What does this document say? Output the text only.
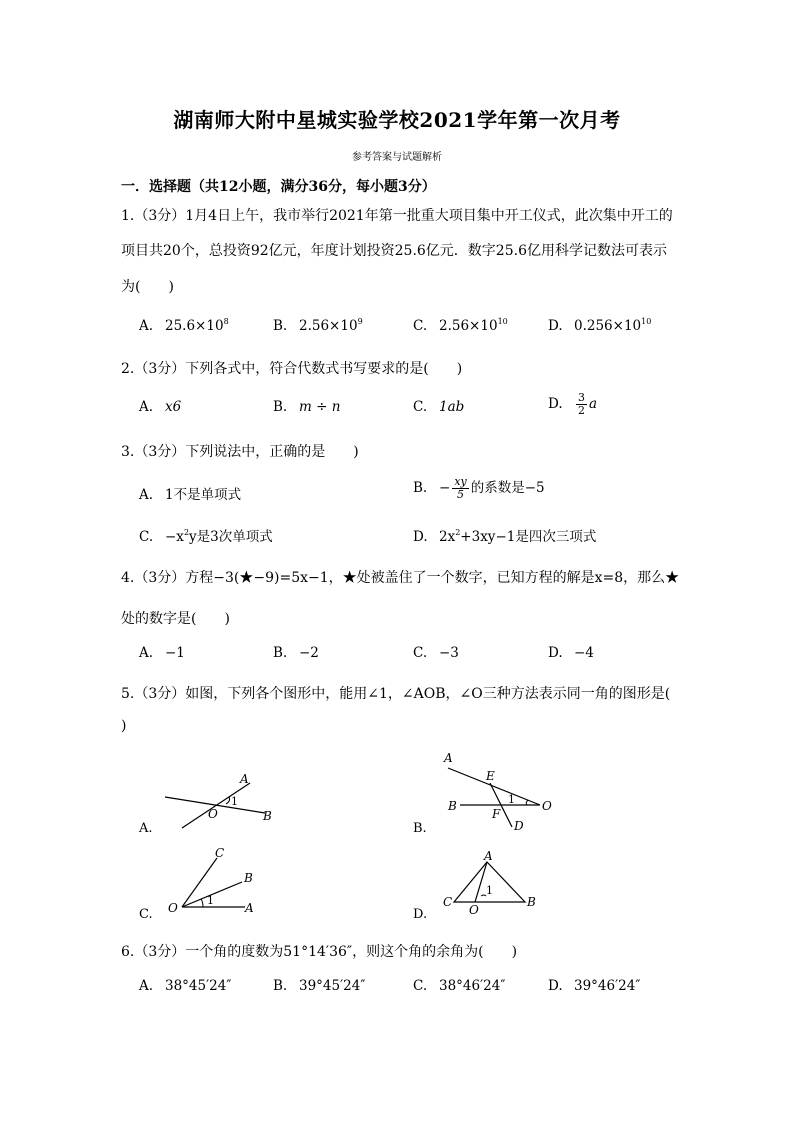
湖南师大附中星城实验学校2021学年第一次月考
参考答案与试题解析
一．选择题（共12小题，满分36分，每小题3分）
1.（3分）1月4日上午，我市举行2021年第一批重大项目集中开工仪式，此次集中开工的
项目共20个，总投资92亿元，年度计划投资25.6亿元．数字25.6亿用科学记数法可表示
为(　　)
A. $25.6\times 10^8$	B. $2.56\times 10^9$	C. $2.56\times 10^{10}$	D. $0.256\times 10^{10}$
2.（3分）下列各式中，符合代数式书写要求的是(　　)
A. x6	B. m ÷ n	C. 1ab	D. $\frac{3}{2}$ a
3.（3分）下列说法中，正确的是　　)
A. 1不是单项式	B. − $\frac{xy}{5}$ 的系数是−5
C. $-x^2y$是3次单项式	D. $2x^2+3xy-1$是四次三项式
4.（3分）方程−3(★−9)=5x−1，★处被盖住了一个数字，已知方程的解是x=8，那么★
处的数字是(　　)
A. −1	B. −2	C. −3	D. −4
5.（3分）如图，下列各个图形中，能用∠1，∠AOB，∠O三种方法表示同一角的图形是(
)
A.
A
O	B
1
B.
A
E
B	1 O
F
D
C.
C
B
O
1
A	D.
A
1
C
O
B
6.（3分）一个角的度数为51°14′36″，则这个角的余角为(　　)
A. 38°45′24″	B. 39°45′24″	C. 38°46′24″	D. 39°46′24″
